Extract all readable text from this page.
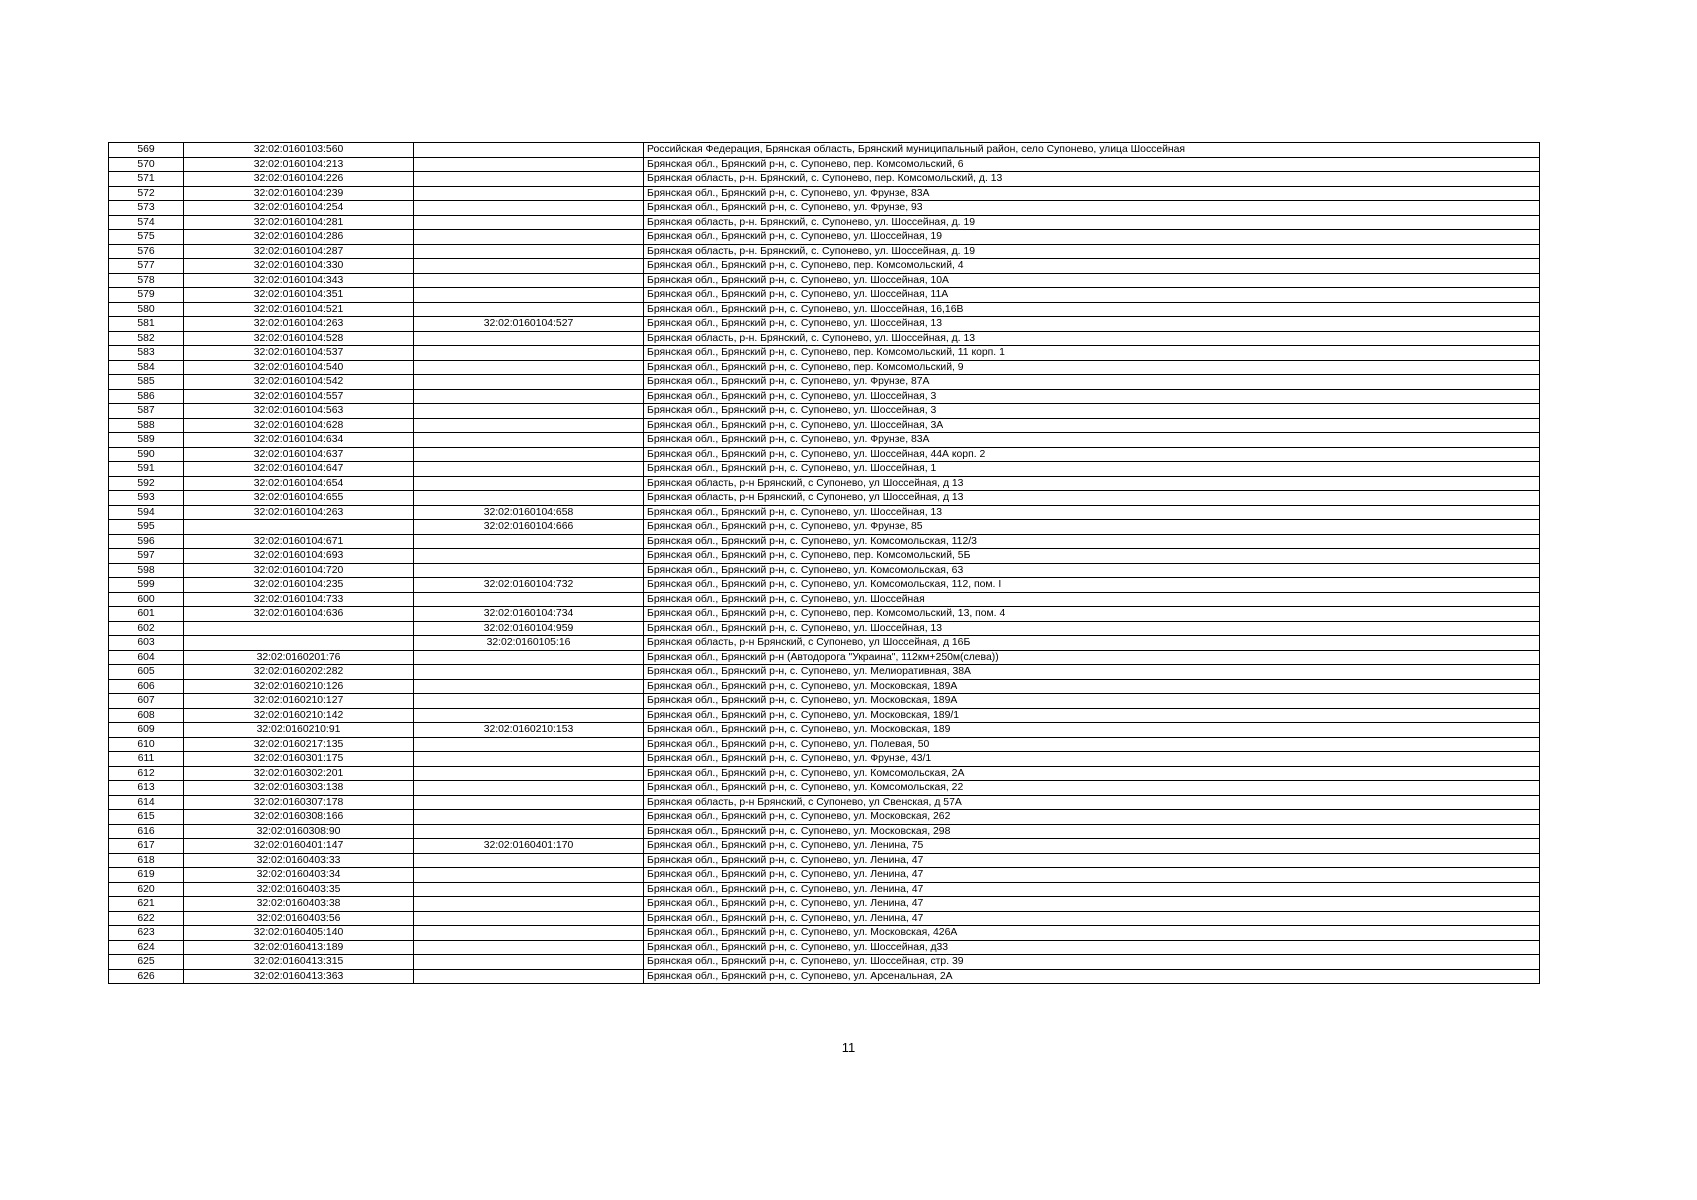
569	32:02:0160103:560		Российская Федерация, Брянская область, Брянский муниципальный район, село Супонево, улица Шоссейная
570	32:02:0160104:213		Брянская обл., Брянский р-н, с. Супонево, пер. Комсомольский, 6
571	32:02:0160104:226		Брянская область, р-н. Брянский, с. Супонево, пер. Комсомольский, д. 13
572	32:02:0160104:239		Брянская обл., Брянский р-н, с. Супонево, ул. Фрунзе, 83А
573	32:02:0160104:254		Брянская обл., Брянский р-н, с. Супонево, ул. Фрунзе, 93
574	32:02:0160104:281		Брянская область, р-н. Брянский, с. Супонево, ул. Шоссейная, д. 19
575	32:02:0160104:286		Брянская обл., Брянский р-н, с. Супонево, ул. Шоссейная, 19
576	32:02:0160104:287		Брянская область, р-н. Брянский, с. Супонево, ул. Шоссейная, д. 19
577	32:02:0160104:330		Брянская обл., Брянский р-н, с. Супонево, пер. Комсомольский, 4
578	32:02:0160104:343		Брянская обл., Брянский р-н, с. Супонево, ул. Шоссейная, 10А
579	32:02:0160104:351		Брянская обл., Брянский р-н, с. Супонево, ул. Шоссейная, 11А
580	32:02:0160104:521		Брянская обл., Брянский р-н, с. Супонево, ул. Шоссейная, 16,16В
581	32:02:0160104:263	32:02:0160104:527	Брянская обл., Брянский р-н, с. Супонево, ул. Шоссейная, 13
582	32:02:0160104:528		Брянская область, р-н. Брянский, с. Супонево, ул. Шоссейная, д. 13
583	32:02:0160104:537		Брянская обл., Брянский р-н, с. Супонево, пер. Комсомольский, 11 корп. 1
584	32:02:0160104:540		Брянская обл., Брянский р-н, с. Супонево, пер. Комсомольский, 9
585	32:02:0160104:542		Брянская обл., Брянский р-н, с. Супонево, ул. Фрунзе, 87А
586	32:02:0160104:557		Брянская обл., Брянский р-н, с. Супонево, ул. Шоссейная, 3
587	32:02:0160104:563		Брянская обл., Брянский р-н, с. Супонево, ул. Шоссейная, 3
588	32:02:0160104:628		Брянская обл., Брянский р-н, с. Супонево, ул. Шоссейная, 3А
589	32:02:0160104:634		Брянская обл., Брянский р-н, с. Супонево, ул. Фрунзе, 83А
590	32:02:0160104:637		Брянская обл., Брянский р-н, с. Супонево, ул. Шоссейная, 44А корп. 2
591	32:02:0160104:647		Брянская обл., Брянский р-н, с. Супонево, ул. Шоссейная, 1
592	32:02:0160104:654		Брянская область, р-н Брянский, с Супонево, ул Шоссейная, д 13
593	32:02:0160104:655		Брянская область, р-н Брянский, с Супонево, ул Шоссейная, д 13
594	32:02:0160104:263	32:02:0160104:658	Брянская обл., Брянский р-н, с. Супонево, ул. Шоссейная, 13
595		32:02:0160104:666	Брянская обл., Брянский р-н, с. Супонево, ул. Фрунзе, 85
596	32:02:0160104:671		Брянская обл., Брянский р-н, с. Супонево, ул. Комсомольская, 112/3
597	32:02:0160104:693		Брянская обл., Брянский р-н, с. Супонево, пер. Комсомольский, 5Б
598	32:02:0160104:720		Брянская обл., Брянский р-н, с. Супонево, ул. Комсомольская, 63
599	32:02:0160104:235	32:02:0160104:732	Брянская обл., Брянский р-н, с. Супонево, ул. Комсомольская, 112, пом. I
600	32:02:0160104:733		Брянская обл., Брянский р-н, с. Супонево, ул. Шоссейная
601	32:02:0160104:636	32:02:0160104:734	Брянская обл., Брянский р-н, с. Супонево, пер. Комсомольский, 13, пом. 4
602		32:02:0160104:959	Брянская обл., Брянский р-н, с. Супонево, ул. Шоссейная, 13
603		32:02:0160105:16	Брянская область, р-н Брянский, с Супонево, ул Шоссейная, д 16Б
604	32:02:0160201:76		Брянская обл., Брянский р-н (Автодорога "Украина", 112км+250м(слева))
605	32:02:0160202:282		Брянская обл., Брянский р-н, с. Супонево, ул. Мелиоративная, 38А
606	32:02:0160210:126		Брянская обл., Брянский р-н, с. Супонево, ул. Московская, 189А
607	32:02:0160210:127		Брянская обл., Брянский р-н, с. Супонево, ул. Московская, 189А
608	32:02:0160210:142		Брянская обл., Брянский р-н, с. Супонево, ул. Московская, 189/1
609	32:02:0160210:91	32:02:0160210:153	Брянская обл., Брянский р-н, с. Супонево, ул. Московская, 189
610	32:02:0160217:135		Брянская обл., Брянский р-н, с. Супонево, ул. Полевая, 50
611	32:02:0160301:175		Брянская обл., Брянский р-н, с. Супонево, ул. Фрунзе, 43/1
612	32:02:0160302:201		Брянская обл., Брянский р-н, с. Супонево, ул. Комсомольская, 2А
613	32:02:0160303:138		Брянская обл., Брянский р-н, с. Супонево, ул. Комсомольская, 22
614	32:02:0160307:178		Брянская область, р-н Брянский, с Супонево, ул Свенская, д 57А
615	32:02:0160308:166		Брянская обл., Брянский р-н, с. Супонево, ул. Московская, 262
616	32:02:0160308:90		Брянская обл., Брянский р-н, с. Супонево, ул. Московская, 298
617	32:02:0160401:147	32:02:0160401:170	Брянская обл., Брянский р-н, с. Супонево, ул. Ленина, 75
618	32:02:0160403:33		Брянская обл., Брянский р-н, с. Супонево, ул. Ленина, 47
619	32:02:0160403:34		Брянская обл., Брянский р-н, с. Супонево, ул. Ленина, 47
620	32:02:0160403:35		Брянская обл., Брянский р-н, с. Супонево, ул. Ленина, 47
621	32:02:0160403:38		Брянская обл., Брянский р-н, с. Супонево, ул. Ленина, 47
622	32:02:0160403:56		Брянская обл., Брянский р-н, с. Супонево, ул. Ленина, 47
623	32:02:0160405:140		Брянская обл., Брянский р-н, с. Супонево, ул. Московская, 426А
624	32:02:0160413:189		Брянская обл., Брянский р-н, с. Супонево, ул. Шоссейная, д33
625	32:02:0160413:315		Брянская обл., Брянский р-н, с. Супонево, ул. Шоссейная, стр. 39
626	32:02:0160413:363		Брянская обл., Брянский р-н, с. Супонево, ул. Арсенальная, 2А
11
